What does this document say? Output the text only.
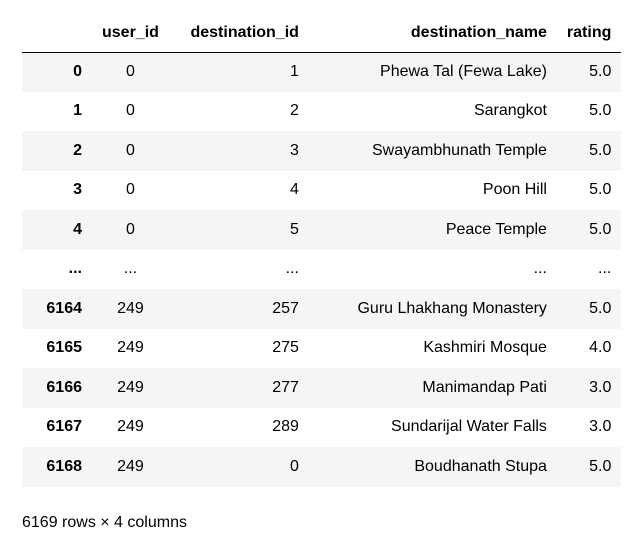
	user_id	destination_id	destination_name	rating
0	0	1	Phewa Tal (Fewa Lake)	5.0
1	0	2	Sarangkot	5.0
2	0	3	Swayambhunath Temple	5.0
3	0	4	Poon Hill	5.0
4	0	5	Peace Temple	5.0
...	...	...	...	...
6164	249	257	Guru Lhakhang Monastery	5.0
6165	249	275	Kashmiri Mosque	4.0
6166	249	277	Manimandap Pati	3.0
6167	249	289	Sundarijal Water Falls	3.0
6168	249	0	Boudhanath Stupa	5.0
6169 rows × 4 columns
